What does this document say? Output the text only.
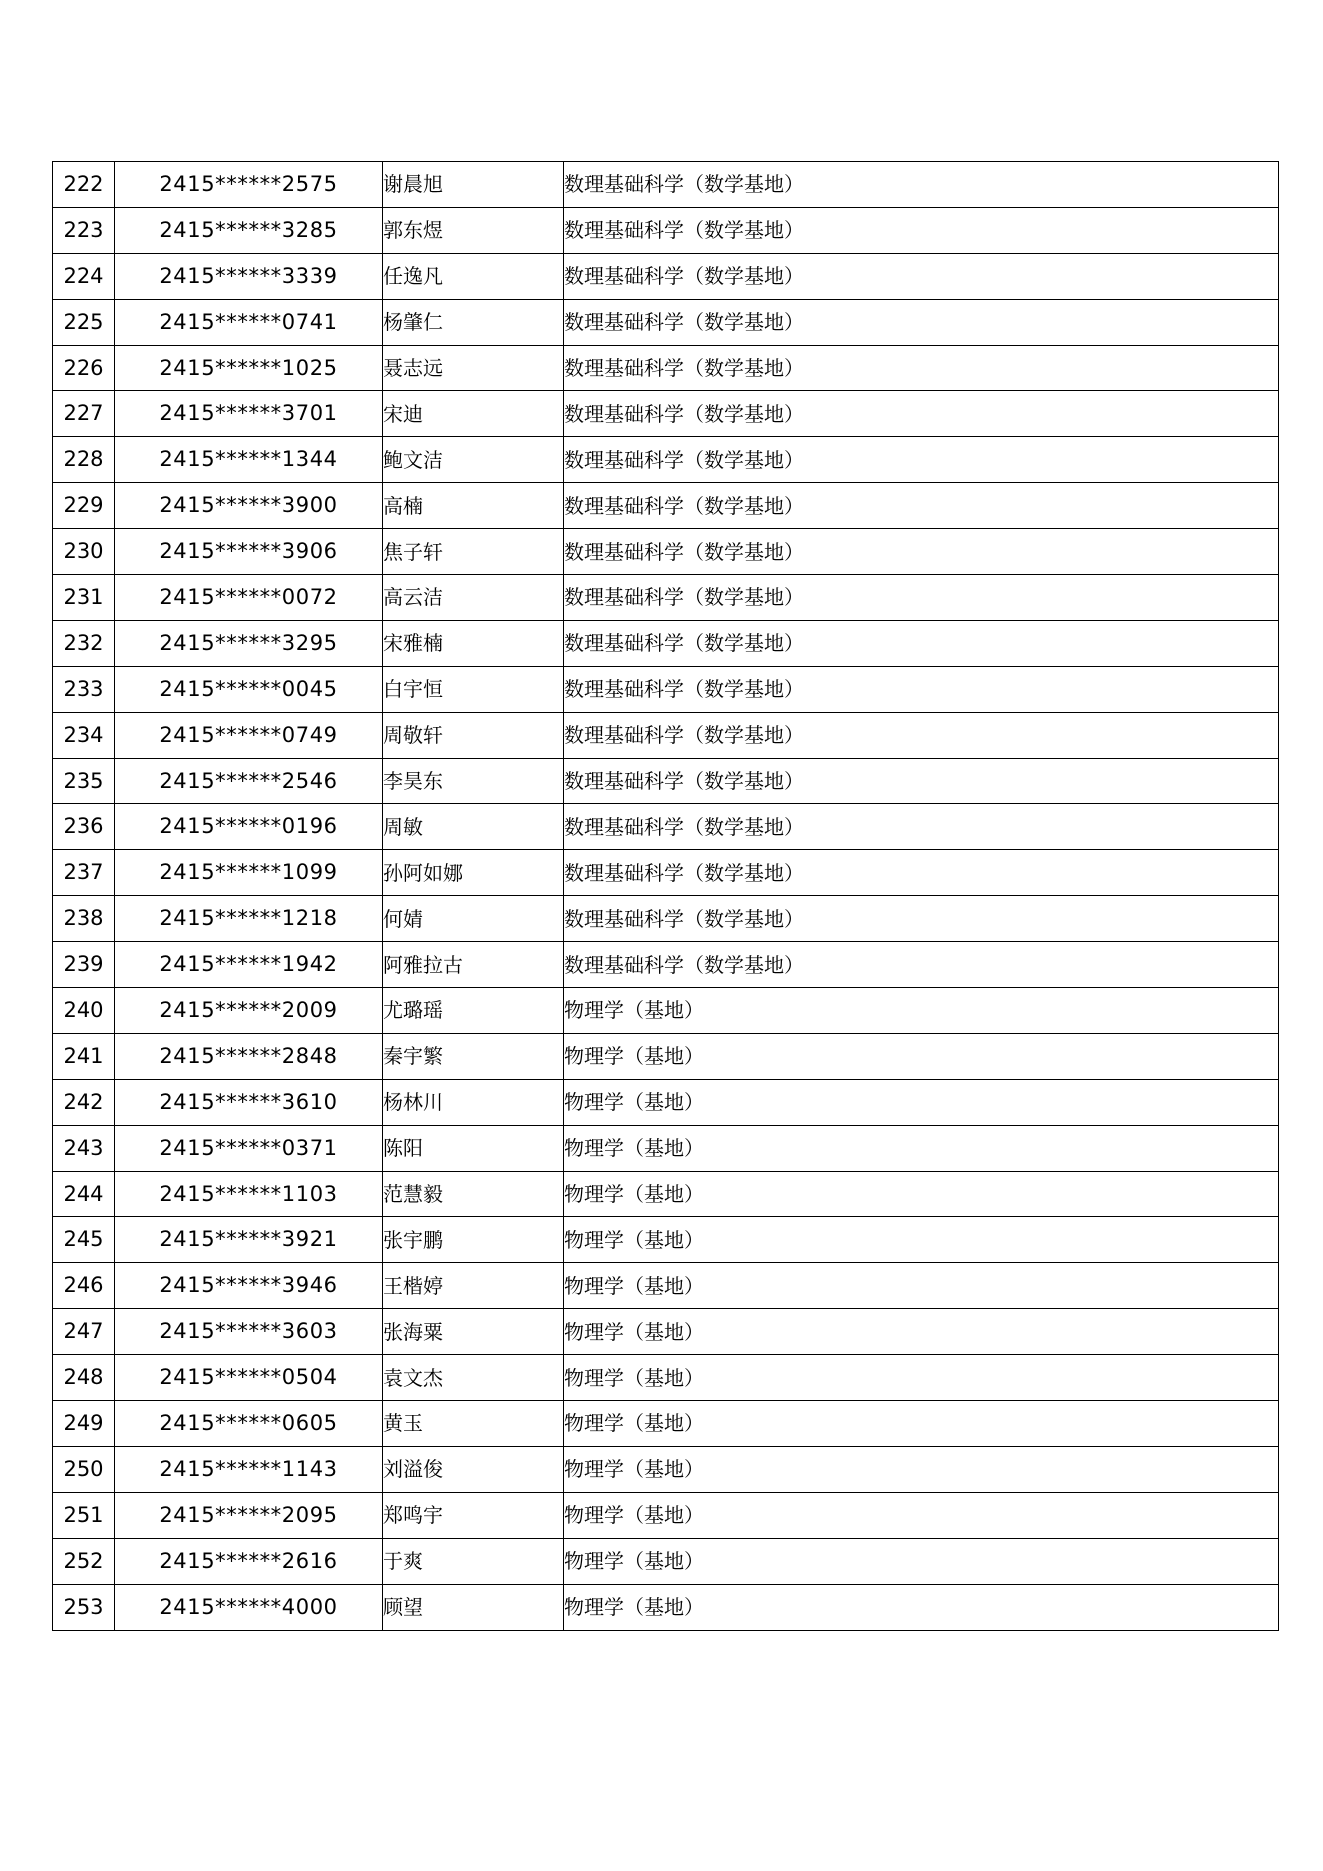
222	2415******2575	谢晨旭	数理基础科学（数学基地）
223	2415******3285	郭东煜	数理基础科学（数学基地）
224	2415******3339	任逸凡	数理基础科学（数学基地）
225	2415******0741	杨肇仁	数理基础科学（数学基地）
226	2415******1025	聂志远	数理基础科学（数学基地）
227	2415******3701	宋迪	数理基础科学（数学基地）
228	2415******1344	鲍文洁	数理基础科学（数学基地）
229	2415******3900	高楠	数理基础科学（数学基地）
230	2415******3906	焦子轩	数理基础科学（数学基地）
231	2415******0072	高云洁	数理基础科学（数学基地）
232	2415******3295	宋雅楠	数理基础科学（数学基地）
233	2415******0045	白宇恒	数理基础科学（数学基地）
234	2415******0749	周敬轩	数理基础科学（数学基地）
235	2415******2546	李昊东	数理基础科学（数学基地）
236	2415******0196	周敏	数理基础科学（数学基地）
237	2415******1099	孙阿如娜	数理基础科学（数学基地）
238	2415******1218	何婧	数理基础科学（数学基地）
239	2415******1942	阿雅拉古	数理基础科学（数学基地）
240	2415******2009	尤璐瑶	物理学（基地）
241	2415******2848	秦宇繁	物理学（基地）
242	2415******3610	杨林川	物理学（基地）
243	2415******0371	陈阳	物理学（基地）
244	2415******1103	范慧毅	物理学（基地）
245	2415******3921	张宇鹏	物理学（基地）
246	2415******3946	王楷婷	物理学（基地）
247	2415******3603	张海粟	物理学（基地）
248	2415******0504	袁文杰	物理学（基地）
249	2415******0605	黄玉	物理学（基地）
250	2415******1143	刘溢俊	物理学（基地）
251	2415******2095	郑鸣宇	物理学（基地）
252	2415******2616	于爽	物理学（基地）
253	2415******4000	顾望	物理学（基地）
